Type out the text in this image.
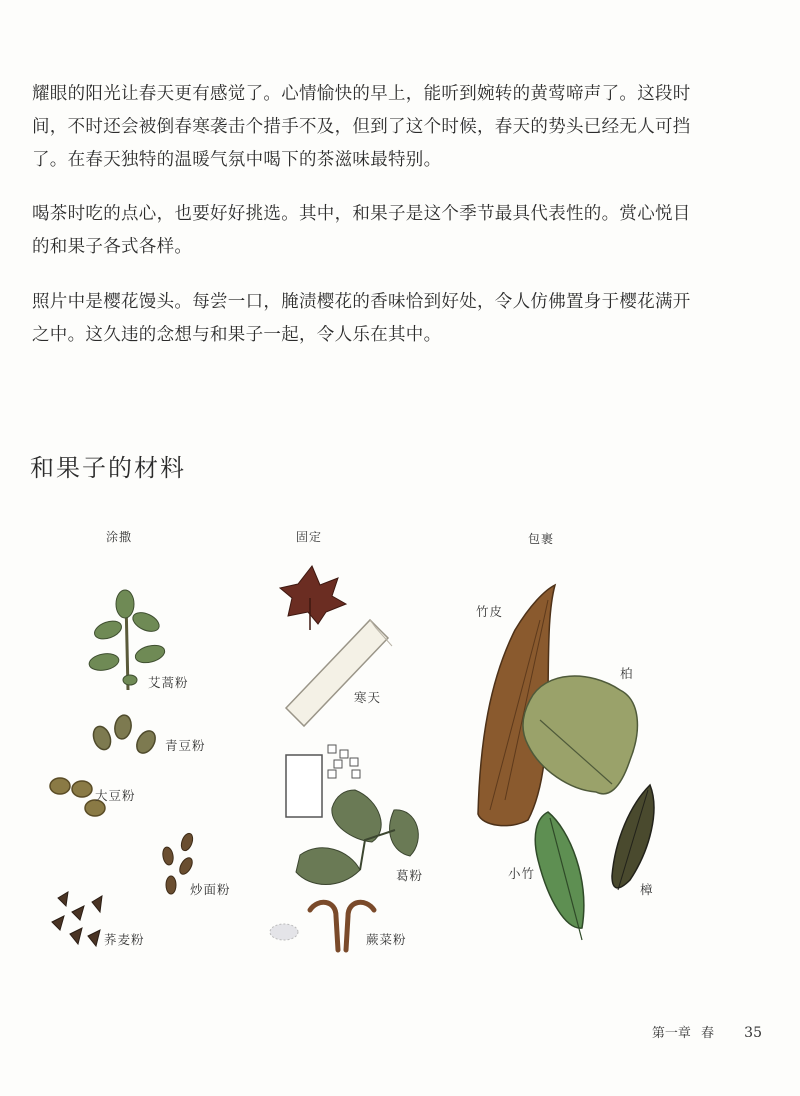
耀眼的阳光让春天更有感觉了。心情愉快的早上，能听到婉转的黄莺啼声了。这段时间，不时还会被倒春寒袭击个措手不及，但到了这个时候，春天的势头已经无人可挡了。在春天独特的温暖气氛中喝下的茶滋味最特别。

喝茶时吃的点心，也要好好挑选。其中，和果子是这个季节最具代表性的。赏心悦目的和果子各式各样。

照片中是樱花馒头。每尝一口，腌渍樱花的香味恰到好处，令人仿佛置身于樱花满开之中。这久违的念想与和果子一起，令人乐在其中。

和果子的材料
涂撒	固定	包裹
艾蒿粉
青豆粉
大豆粉
炒面粉
荞麦粉
寒天
葛粉
蕨菜粉
竹皮
柏
小竹
樟
第一章 春 35
